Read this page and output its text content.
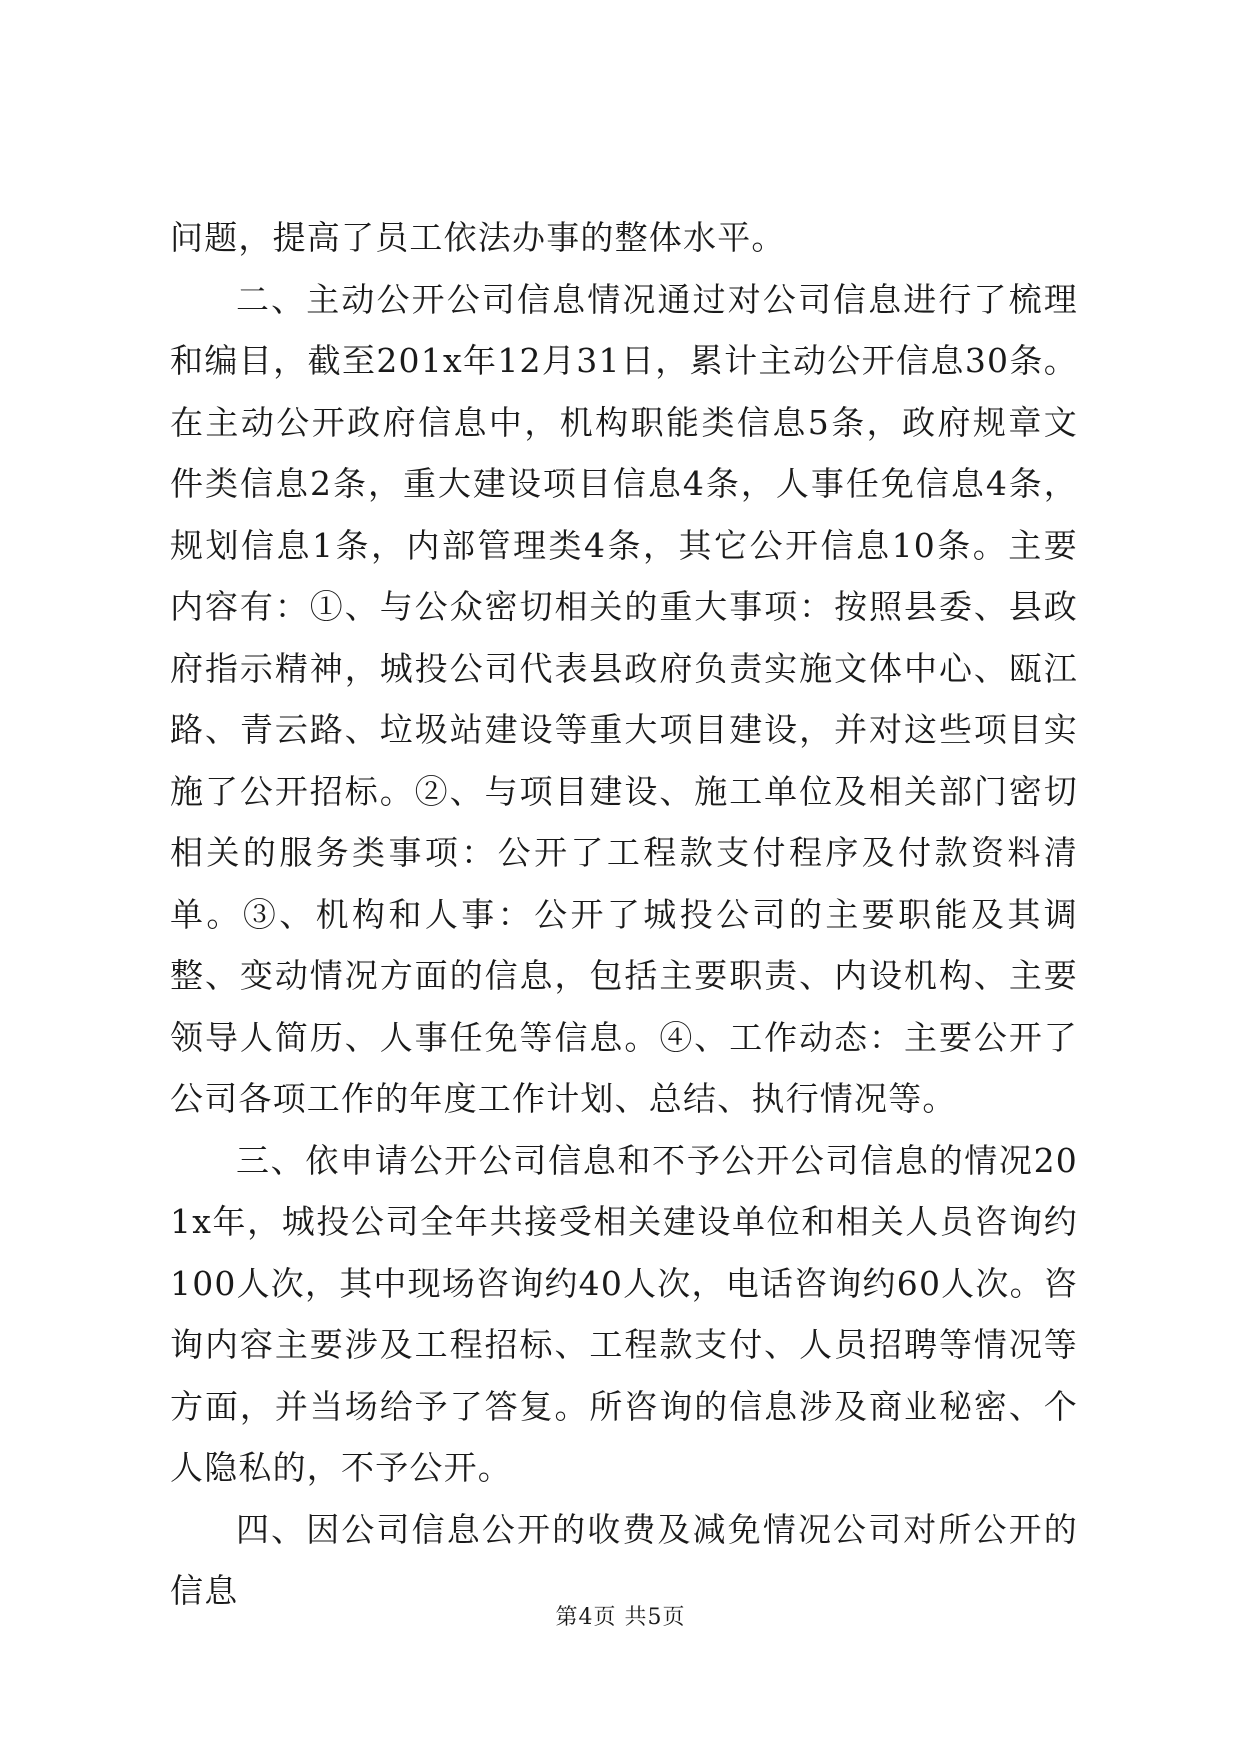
问题，提高了员工依法办事的整体水平。

二、主动公开公司信息情况通过对公司信息进行了梳理和编目，截至201x年12月31日，累计主动公开信息30条。在主动公开政府信息中，机构职能类信息5条，政府规章文件类信息2条，重大建设项目信息4条，人事任免信息4条，规划信息1条，内部管理类4条，其它公开信息10条。主要内容有：①、与公众密切相关的重大事项：按照县委、县政府指示精神，城投公司代表县政府负责实施文体中心、瓯江路、青云路、垃圾站建设等重大项目建设，并对这些项目实施了公开招标。②、与项目建设、施工单位及相关部门密切相关的服务类事项：公开了工程款支付程序及付款资料清单。③、机构和人事：公开了城投公司的主要职能及其调整、变动情况方面的信息，包括主要职责、内设机构、主要领导人简历、人事任免等信息。④、工作动态：主要公开了公司各项工作的年度工作计划、总结、执行情况等。

三、依申请公开公司信息和不予公开公司信息的情况201x年，城投公司全年共接受相关建设单位和相关人员咨询约100人次，其中现场咨询约40人次，电话咨询约60人次。咨询内容主要涉及工程招标、工程款支付、人员招聘等情况等方面，并当场给予了答复。所咨询的信息涉及商业秘密、个人隐私的，不予公开。

四、因公司信息公开的收费及减免情况公司对所公开的信息

第4页 共5页
